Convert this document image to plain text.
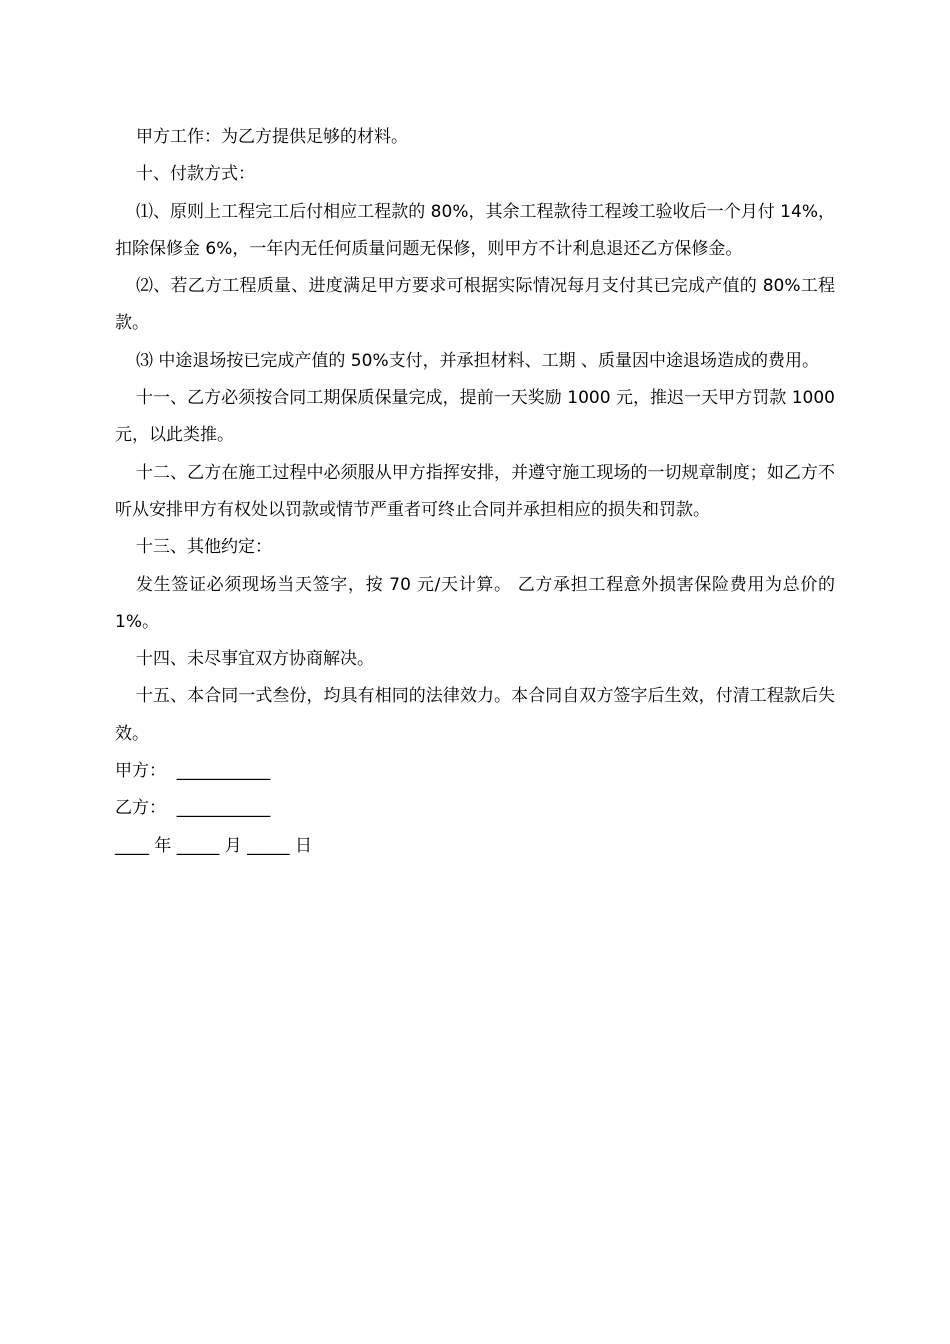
甲方工作：为乙方提供足够的材料。

十、付款方式：

⑴、原则上工程完工后付相应工程款的 80%，其余工程款待工程竣工验收后一个月付 14%，扣除保修金 6%，一年内无任何质量问题无保修，则甲方不计利息退还乙方保修金。

⑵、若乙方工程质量、进度满足甲方要求可根据实际情况每月支付其已完成产值的 80%工程款。

⑶ 中途退场按已完成产值的 50%支付，并承担材料、工期 、质量因中途退场造成的费用。

十一、乙方必须按合同工期保质保量完成，提前一天奖励 1000 元，推迟一天甲方罚款 1000 元，以此类推。

十二、乙方在施工过程中必须服从甲方指挥安排，并遵守施工现场的一切规章制度；如乙方不听从安排甲方有权处以罚款或情节严重者可终止合同并承担相应的损失和罚款。

十三、其他约定：

发生签证必须现场当天签字，按 70 元/天计算。 乙方承担工程意外损害保险费用为总价的 1%。

十四、未尽事宜双方协商解决。

十五、本合同一式叁份，均具有相同的法律效力。本合同自双方签字后生效，付清工程款后失效。

甲方：  ___________

乙方：  ___________

____ 年 _____ 月 _____ 日
